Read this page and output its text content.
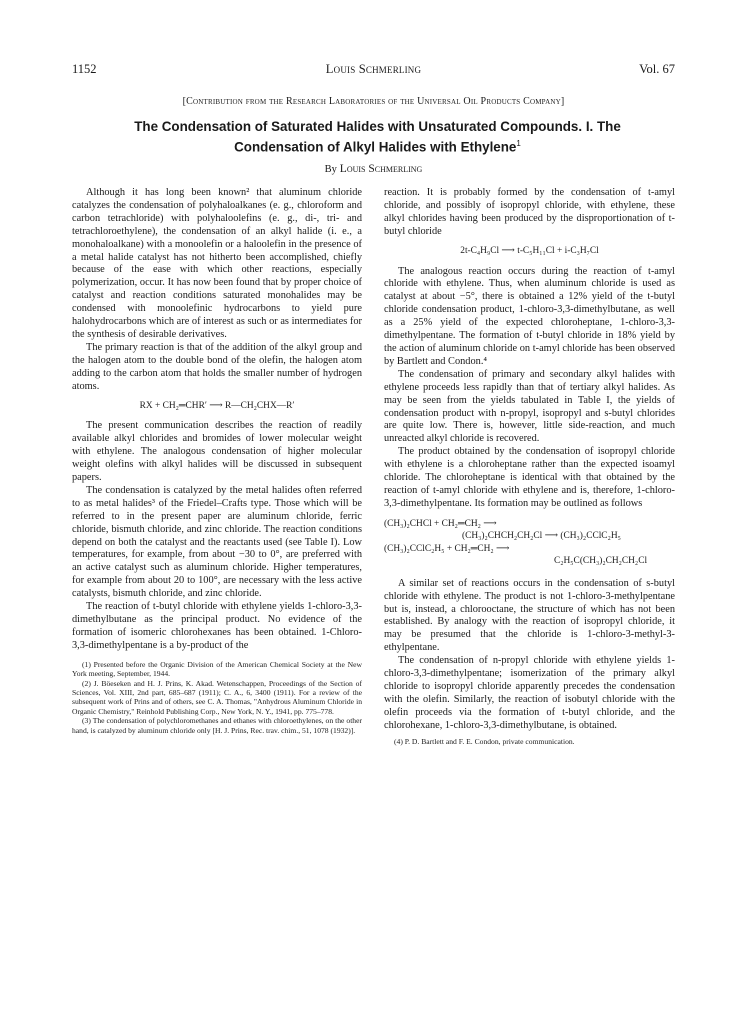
1152	Louis Schmerling	Vol. 67
[Contribution from the Research Laboratories of the Universal Oil Products Company]
The Condensation of Saturated Halides with Unsaturated Compounds. I. The
Condensation of Alkyl Halides with Ethylene$^1$
By Louis Schmerling

Although it has long been known² that aluminum chloride catalyzes the condensation of polyhaloalkanes (e. g., chloroform and carbon tetrachloride) with polyhaloolefins (e. g., di-, tri- and tetrachloroethylene), the condensation of an alkyl halide (i. e., a monohaloalkane) with a monoolefin or a haloolefin in the presence of a metal halide catalyst has not hitherto been accomplished, chiefly because of the ease with which other reactions, especially polymerization, occur. It has now been found that by proper choice of catalyst and reaction conditions saturated monohalides may be condensed with monoolefinic hydrocarbons to yield pure halohydrocarbons which are of interest as such or as intermediates for the synthesis of desirable derivatives.

The primary reaction is that of the addition of the alkyl group and the halogen atom to the double bond of the olefin, the halogen atom adding to the carbon atom that holds the smaller number of hydrogen atoms.

RX + CH₂═CHR′ ⟶ R—CH₂CHX—R′

The present communication describes the reaction of readily available alkyl chlorides and bromides of lower molecular weight with ethylene. The analogous condensation of higher molecular weight olefins with alkyl halides will be discussed in subsequent papers.

The condensation is catalyzed by the metal halides often referred to as metal halides³ of the Friedel–Crafts type. Those which will be referred to in the present paper are aluminum chloride, ferric chloride, bismuth chloride, and zinc chloride. The reaction conditions depend on both the catalyst and the reactants used (see Table I). Low temperatures, for example, from about −30 to 0°, are preferred with an active catalyst such as aluminum chloride. Higher temperatures, for example from about 20 to 100°, are necessary with the less active catalysts, bismuth chloride, and zinc chloride.

The reaction of t-butyl chloride with ethylene yields 1-chloro-3,3-dimethylbutane as the principal product. No evidence of the formation of isomeric chlorohexanes has been obtained. 1-Chloro-3,3-dimethylpentane is a by-product of the

(1) Presented before the Organic Division of the American Chemical Society at the New York meeting, September, 1944.

(2) J. Böeseken and H. J. Prins, K. Akad. Wetenschappen, Proceedings of the Section of Sciences, Vol. XIII, 2nd part, 685–687 (1911); C. A., 6, 3400 (1911). For a review of the subsequent work of Prins and of others, see C. A. Thomas, "Anhydrous Aluminum Chloride in Organic Chemistry," Reinhold Publishing Corp., New York, N. Y., 1941, pp. 775–778.

(3) The condensation of polychloromethanes and ethanes with chloroethylenes, on the other hand, is catalyzed by aluminum chloride only [H. J. Prins, Rec. trav. chim., 51, 1078 (1932)].

reaction. It is probably formed by the condensation of t-amyl chloride, and possibly of isopropyl chloride, with ethylene, these alkyl chlorides having been produced by the disproportionation of t-butyl chloride

2t-C₄H₉Cl ⟶ t-C₅H₁₁Cl + i-C₃H₇Cl

The analogous reaction occurs during the reaction of t-amyl chloride with ethylene. Thus, when aluminum chloride is used as catalyst at about −5°, there is obtained a 12% yield of the t-butyl chloride condensation product, 1-chloro-3,3-dimethylbutane, as well as a 25% yield of the expected chloroheptane, 1-chloro-3,3-dimethylpentane. The formation of t-butyl chloride in 18% yield by the action of aluminum chloride on t-amyl chloride has been observed by Bartlett and Condon.⁴

The condensation of primary and secondary alkyl halides with ethylene proceeds less rapidly than that of tertiary alkyl halides. As may be seen from the yields tabulated in Table I, the yields of condensation product with n-propyl, isopropyl and s-butyl chlorides are quite low. There is, however, little side-reaction, and much unreacted alkyl chloride is recovered.

The product obtained by the condensation of isopropyl chloride with ethylene is a chloroheptane rather than the expected isoamyl chloride. The chloroheptane is identical with that obtained by the reaction of t-amyl chloride with ethylene and is, therefore, 1-chloro-3,3-dimethylpentane. Its formation may be outlined as follows

(CH₃)₂CHCl + CH₂═CH₂ ⟶
(CH₃)₂CHCH₂CH₂Cl ⟶ (CH₃)₂CClC₂H₅
(CH₃)₂CClC₂H₅ + CH₂═CH₂ ⟶
C₂H₅C(CH₃)₂CH₂CH₂Cl

A similar set of reactions occurs in the condensation of s-butyl chloride with ethylene. The product is not 1-chloro-3-methylpentane but is, instead, a chlorooctane, the structure of which has not been established. By analogy with the reaction of isopropyl chloride, it may be presumed that the chloride is 1-chloro-3-methyl-3-ethylpentane.

The condensation of n-propyl chloride with ethylene yields 1-chloro-3,3-dimethylpentane; isomerization of the primary alkyl chloride to isopropyl chloride apparently precedes the condensation with the olefin. Similarly, the reaction of isobutyl chloride with the olefin proceeds via the formation of t-butyl chloride, and the chlorohexane, 1-chloro-3,3-dimethylbutane, is obtained.

(4) P. D. Bartlett and F. E. Condon, private communication.
